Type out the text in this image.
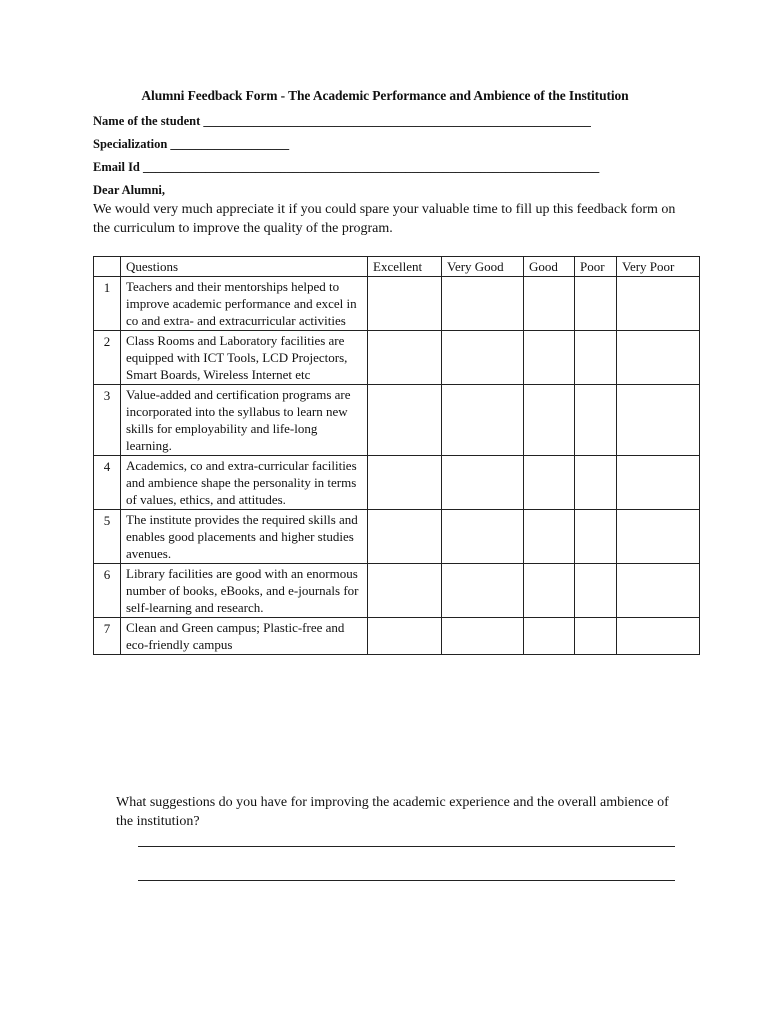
Alumni Feedback Form - The Academic Performance and Ambience of the Institution
Name of the student ______________________________________________________________
Specialization ___________________
Email Id _________________________________________________________________________
Dear Alumni,
We would very much appreciate it if you could spare your valuable time to fill up this feedback form on the curriculum to improve the quality of the program.
	Questions	Excellent	Very Good	Good	Poor	Very Poor
1	Teachers and their mentorships helped to improve academic performance and excel in co and extra- and extracurricular activities					
2	Class Rooms and Laboratory facilities are equipped with ICT Tools, LCD Projectors, Smart Boards, Wireless Internet etc					
3	Value-added and certification programs are incorporated into the syllabus to learn new skills for employability and life-long learning.					
4	Academics, co and extra-curricular facilities and ambience shape the personality in terms of values, ethics, and attitudes.					
5	The institute provides the required skills and enables good placements and higher studies avenues.					
6	Library facilities are good with an enormous number of books, eBooks, and e-journals for self-learning and research.					
7	Clean and Green campus; Plastic-free and eco-friendly campus					
What suggestions do you have for improving the academic experience and the overall ambience of the institution?
